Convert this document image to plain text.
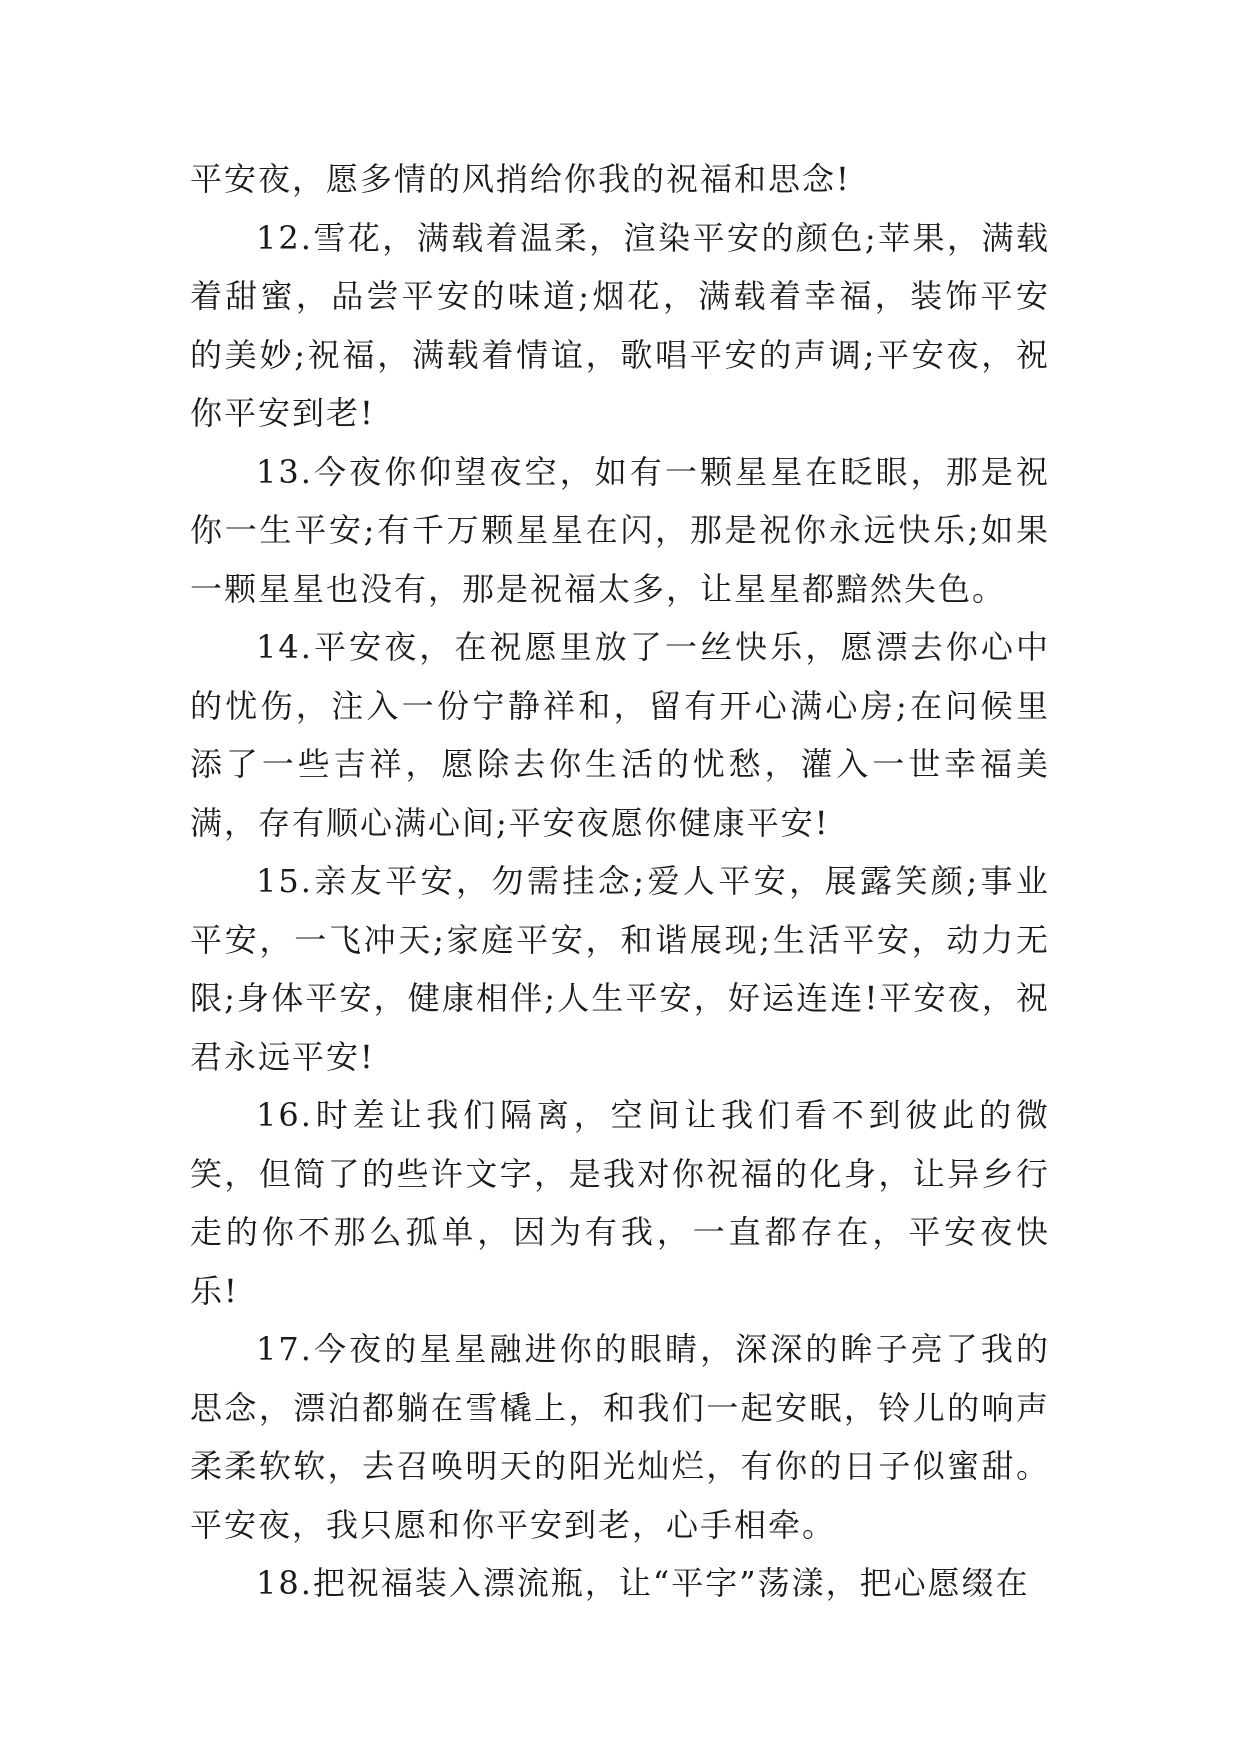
平安夜，愿多情的风捎给你我的祝福和思念!

12.雪花，满载着温柔，渲染平安的颜色;苹果，满载着甜蜜，品尝平安的味道;烟花，满载着幸福，装饰平安的美妙;祝福，满载着情谊，歌唱平安的声调;平安夜，祝你平安到老!

13.今夜你仰望夜空，如有一颗星星在眨眼，那是祝你一生平安;有千万颗星星在闪，那是祝你永远快乐;如果一颗星星也没有，那是祝福太多，让星星都黯然失色。

14.平安夜，在祝愿里放了一丝快乐，愿漂去你心中的忧伤，注入一份宁静祥和，留有开心满心房;在问候里添了一些吉祥，愿除去你生活的忧愁，灌入一世幸福美满，存有顺心满心间;平安夜愿你健康平安!

15.亲友平安，勿需挂念;爱人平安，展露笑颜;事业平安，一飞冲天;家庭平安，和谐展现;生活平安，动力无限;身体平安，健康相伴;人生平安，好运连连!平安夜，祝君永远平安!

16.时差让我们隔离，空间让我们看不到彼此的微笑，但简了的些许文字，是我对你祝福的化身，让异乡行走的你不那么孤单，因为有我，一直都存在，平安夜快乐!

17.今夜的星星融进你的眼睛，深深的眸子亮了我的思念，漂泊都躺在雪橇上，和我们一起安眠，铃儿的响声柔柔软软，去召唤明天的阳光灿烂，有你的日子似蜜甜。平安夜，我只愿和你平安到老，心手相牵。

18.把祝福装入漂流瓶，让“平字”荡漾，把心愿缀在
